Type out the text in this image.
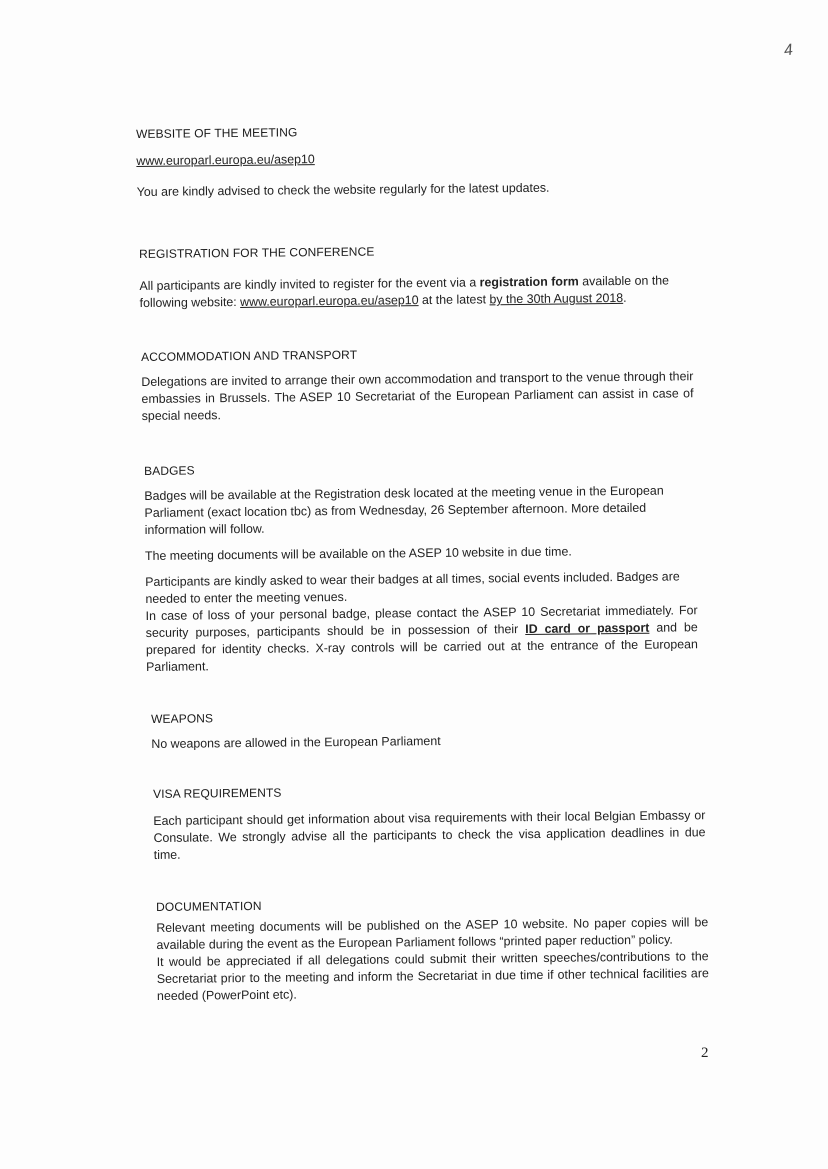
4
WEBSITE OF THE MEETING
www.europarl.europa.eu/asep10
You are kindly advised to check the website regularly for the latest updates.
REGISTRATION FOR THE CONFERENCE
All participants are kindly invited to register for the event via a registration form available on the following website: www.europarl.europa.eu/asep10 at the latest by the 30th August 2018.
ACCOMMODATION AND TRANSPORT
Delegations are invited to arrange their own accommodation and transport to the venue through their embassies in Brussels. The ASEP 10 Secretariat of the European Parliament can assist in case of special needs.
BADGES
Badges will be available at the Registration desk located at the meeting venue in the European Parliament (exact location tbc) as from Wednesday, 26 September afternoon. More detailed information will follow.
The meeting documents will be available on the ASEP 10 website in due time.
Participants are kindly asked to wear their badges at all times, social events included. Badges are needed to enter the meeting venues.
In case of loss of your personal badge, please contact the ASEP 10 Secretariat immediately. For security purposes, participants should be in possession of their ID card or passport and be prepared for identity checks. X-ray controls will be carried out at the entrance of the European Parliament.
WEAPONS
No weapons are allowed in the European Parliament
VISA REQUIREMENTS
Each participant should get information about visa requirements with their local Belgian Embassy or Consulate. We strongly advise all the participants to check the visa application deadlines in due time.
DOCUMENTATION
Relevant meeting documents will be published on the ASEP 10 website. No paper copies will be available during the event as the European Parliament follows “printed paper reduction” policy.
It would be appreciated if all delegations could submit their written speeches/contributions to the Secretariat prior to the meeting and inform the Secretariat in due time if other technical facilities are needed (PowerPoint etc).
2
